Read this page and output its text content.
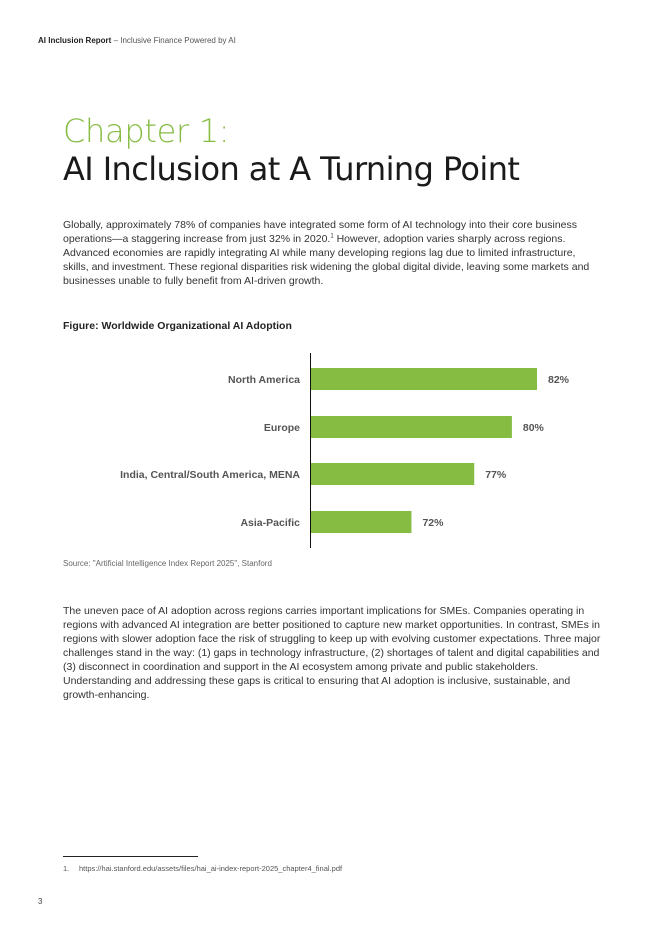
AI Inclusion Report – Inclusive Finance Powered by AI
Chapter 1:
AI Inclusion at A Turning Point

Globally, approximately 78% of companies have integrated some form of AI technology into their core business operations—a staggering increase from just 32% in 2020.$^1$ However, adoption varies sharply across regions. Advanced economies are rapidly integrating AI while many developing regions lag due to limited infrastructure, skills, and investment. These regional disparities risk widening the global digital divide, leaving some markets and businesses unable to fully benefit from AI-driven growth.

Figure: Worldwide Organizational AI Adoption
North America	82%
Europe	80%
India, Central/South America, MENA	77%
Asia-Pacific	72%
Source: "Artificial Intelligence Index Report 2025", Stanford

The uneven pace of AI adoption across regions carries important implications for SMEs. Companies operating in regions with advanced AI integration are better positioned to capture new market opportunities. In contrast, SMEs in regions with slower adoption face the risk of struggling to keep up with evolving customer expectations. Three major challenges stand in the way: (1) gaps in technology infrastructure, (2) shortages of talent and digital capabilities and (3) disconnect in coordination and support in the AI ecosystem among private and public stakeholders. Understanding and addressing these gaps is critical to ensuring that AI adoption is inclusive, sustainable, and growth-enhancing.

1. https://hai.stanford.edu/assets/files/hai_ai-index-report-2025_chapter4_final.pdf
3
